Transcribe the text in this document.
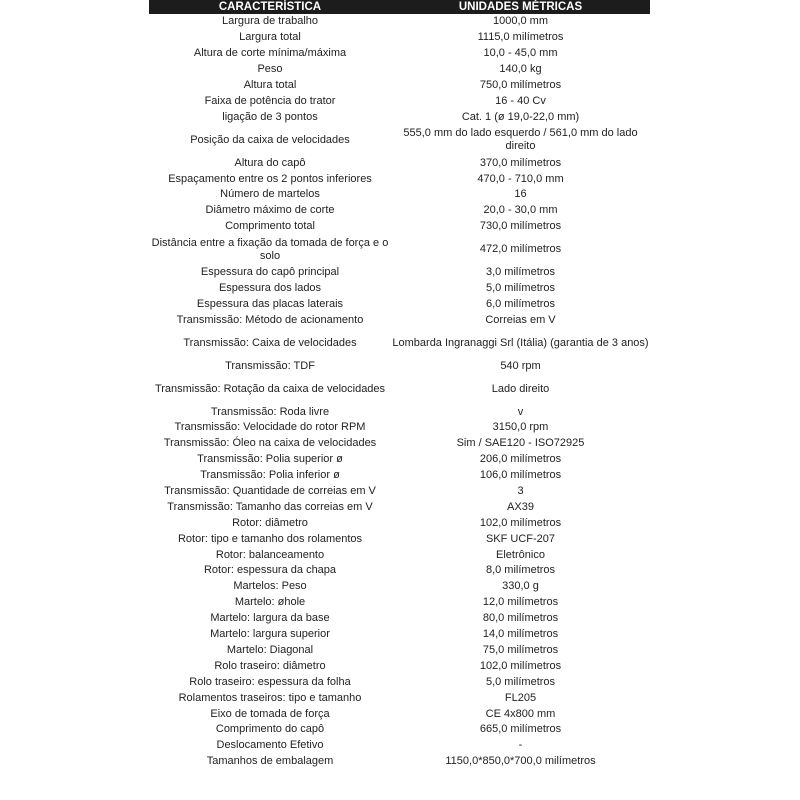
CARACTERÍSTICA	UNIDADES MÉTRICAS
Largura de trabalho	1000,0 mm
Largura total	1115,0 milímetros
Altura de corte mínima/máxima	10,0 - 45,0 mm
Peso	140,0 kg
Altura total	750,0 milímetros
Faixa de potência do trator	16 - 40 Cv
ligação de 3 pontos	Cat. 1 (ø 19,0-22,0 mm)
Posição da caixa de velocidades	555,0 mm do lado esquerdo / 561,0 mm do lado direito
Altura do capô	370,0 milímetros
Espaçamento entre os 2 pontos inferiores	470,0 - 710,0 mm
Número de martelos	16
Diâmetro máximo de corte	20,0 - 30,0 mm
Comprimento total	730,0 milímetros
Distância entre a fixação da tomada de força e o solo	472,0 milímetros
Espessura do capô principal	3,0 milímetros
Espessura dos lados	5,0 milímetros
Espessura das placas laterais	6,0 milímetros
Transmissão: Método de acionamento	Correias em V
Transmissão: Caixa de velocidades	Lombarda Ingranaggi Srl (Itália) (garantia de 3 anos)
Transmissão: TDF	540 rpm
Transmissão: Rotação da caixa de velocidades	Lado direito
Transmissão: Roda livre	v
Transmissão: Velocidade do rotor RPM	3150,0 rpm
Transmissão: Óleo na caixa de velocidades	Sim / SAE120 - ISO72925
Transmissão: Polia superior ø	206,0 milímetros
Transmissão: Polia inferior ø	106,0 milímetros
Transmissão: Quantidade de correias em V	3
Transmissão: Tamanho das correias em V	AX39
Rotor: diâmetro	102,0 milímetros
Rotor: tipo e tamanho dos rolamentos	SKF UCF-207
Rotor: balanceamento	Eletrônico
Rotor: espessura da chapa	8,0 milímetros
Martelos: Peso	330,0 g
Martelo: øhole	12,0 milímetros
Martelo: largura da base	80,0 milímetros
Martelo: largura superior	14,0 milímetros
Martelo: Diagonal	75,0 milímetros
Rolo traseiro: diâmetro	102,0 milímetros
Rolo traseiro: espessura da folha	5,0 milímetros
Rolamentos traseiros: tipo e tamanho	FL205
Eixo de tomada de força	CE 4x800 mm
Comprimento do capô	665,0 milímetros
Deslocamento Efetivo	-
Tamanhos de embalagem	1150,0*850,0*700,0 milímetros
